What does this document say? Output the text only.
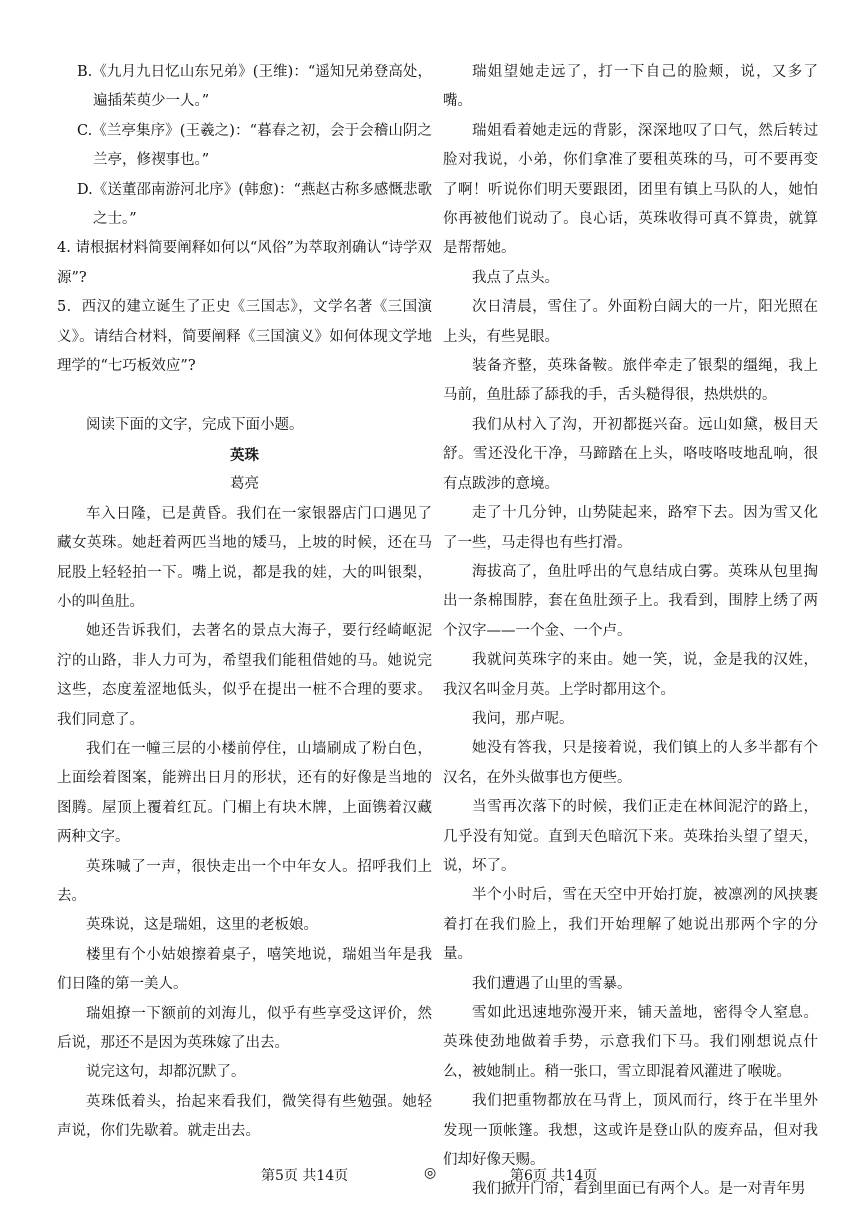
B.《九月九日忆山东兄弟》(王维)：“遥知兄弟登高处，遍插茱萸少一人。”

C.《兰亭集序》(王羲之)：“暮春之初，会于会稽山阴之兰亭，修禊事也。”

D.《送董邵南游河北序》(韩愈)：“燕赵古称多感慨悲歌之士。”

4. 请根据材料简要阐释如何以“风俗”为萃取剂确认“诗学双源”?

5．西汉的建立诞生了正史《三国志》，文学名著《三国演义》。请结合材料，简要阐释《三国演义》如何体现文学地理学的“七巧板效应”?

阅读下面的文字，完成下面小题。

英珠

葛亮

车入日隆，已是黄昏。我们在一家银器店门口遇见了藏女英珠。她赶着两匹当地的矮马，上坡的时候，还在马屁股上轻轻拍一下。嘴上说，都是我的娃，大的叫银梨，小的叫鱼肚。

她还告诉我们，去著名的景点大海子，要行经崎岖泥泞的山路，非人力可为，希望我们能租借她的马。她说完这些，态度羞涩地低头，似乎在提出一桩不合理的要求。我们同意了。

我们在一幢三层的小楼前停住，山墙刷成了粉白色，上面绘着图案，能辨出日月的形状，还有的好像是当地的图腾。屋顶上覆着红瓦。门楣上有块木牌，上面镌着汉藏两种文字。

英珠喊了一声，很快走出一个中年女人。招呼我们上去。

英珠说，这是瑞姐，这里的老板娘。

楼里有个小姑娘擦着桌子，嘻笑地说，瑞姐当年是我们日隆的第一美人。

瑞姐撩一下额前的刘海儿，似乎有些享受这评价，然后说，那还不是因为英珠嫁了出去。

说完这句，却都沉默了。

英珠低着头，抬起来看我们，微笑得有些勉强。她轻声说，你们先歇着。就走出去。

瑞姐望她走远了，打一下自己的脸颊，说，又多了嘴。

瑞姐看着她走远的背影，深深地叹了口气，然后转过脸对我说，小弟，你们拿准了要租英珠的马，可不要再变了啊！听说你们明天要跟团，团里有镇上马队的人，她怕你再被他们说动了。良心话，英珠收得可真不算贵，就算是帮帮她。

我点了点头。

次日清晨，雪住了。外面粉白阔大的一片，阳光照在上头，有些晃眼。

装备齐整，英珠备鞍。旅伴牵走了银梨的缰绳，我上马前，鱼肚舔了舔我的手，舌头糙得很，热烘烘的。

我们从村入了沟，开初都挺兴奋。远山如黛，极目天舒。雪还没化干净，马蹄踏在上头，咯吱咯吱地乱响，很有点跋涉的意境。

走了十几分钟，山势陡起来，路窄下去。因为雪又化了一些，马走得也有些打滑。

海拔高了，鱼肚呼出的气息结成白雾。英珠从包里掏出一条棉围脖，套在鱼肚颈子上。我看到，围脖上绣了两个汉字——一个金、一个卢。

我就问英珠字的来由。她一笑，说，金是我的汉姓，我汉名叫金月英。上学时都用这个。

我问，那卢呢。

她没有答我，只是接着说，我们镇上的人多半都有个汉名，在外头做事也方便些。

当雪再次落下的时候，我们正走在林间泥泞的路上，几乎没有知觉。直到天色暗沉下来。英珠抬头望了望天，说，坏了。

半个小时后，雪在天空中开始打旋，被凛冽的风挟裹着打在我们脸上，我们开始理解了她说出那两个字的分量。

我们遭遇了山里的雪暴。

雪如此迅速地弥漫开来，铺天盖地，密得令人窒息。英珠使劲地做着手势，示意我们下马。我们刚想说点什么，被她制止。稍一张口，雪立即混着风灌进了喉咙。

我们把重物都放在马背上，顶风而行，终于在半里外发现一顶帐篷。我想，这或许是登山队的废弃品，但对我们却好像天赐。

我们掀开门帘，看到里面已有两个人。是一对青年男

第5页 共14页	◎	第6页 共14页
